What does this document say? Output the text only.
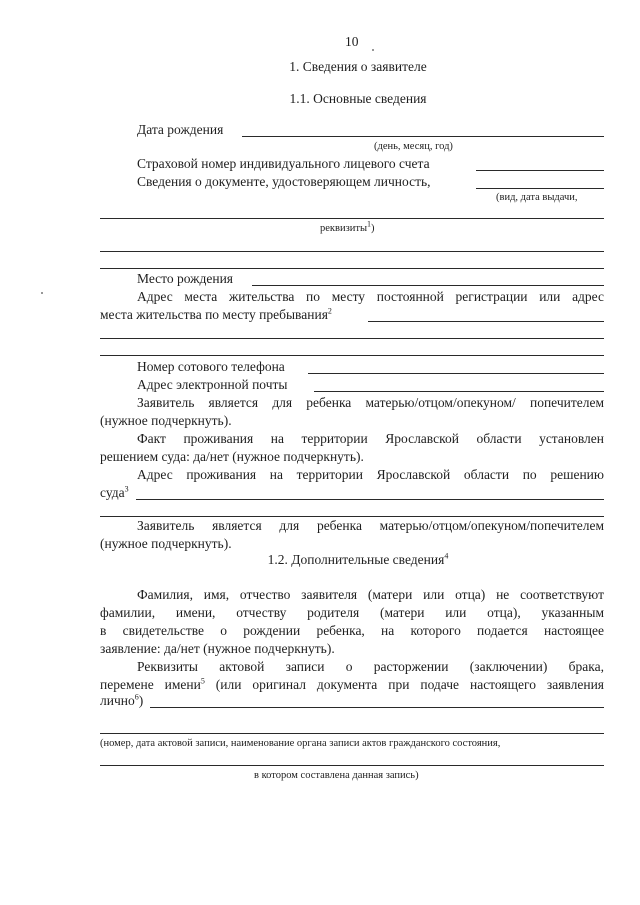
10
1. Сведения о заявителе
1.1. Основные сведения
Дата рождения
(день, месяц, год)
Страховой номер индивидуального лицевого счета
Сведения о документе, удостоверяющем личность,
(вид, дата выдачи,
реквизиты$^1$)
Место рождения
Адрес места жительства по месту постоянной регистрации или адрес
места жительства по месту пребывания$^2$
Номер сотового телефона
Адрес электронной почты
Заявитель является для ребенка матерью/отцом/опекуном/ попечителем
(нужное подчеркнуть).
Факт проживания на территории Ярославской области установлен
решением суда: да/нет (нужное подчеркнуть).
Адрес проживания на территории Ярославской области по решению
суда$^3$
Заявитель является для ребенка матерью/отцом/опекуном/попечителем
(нужное подчеркнуть).
1.2. Дополнительные сведения$^4$
Фамилия, имя, отчество заявителя (матери или отца) не соответствуют
фамилии, имени, отчеству родителя (матери или отца), указанным
в свидетельстве о рождении ребенка, на которого подается настоящее
заявление: да/нет (нужное подчеркнуть).
Реквизиты актовой записи о расторжении (заключении) брака,
перемене имени$^5$ (или оригинал документа при подаче настоящего заявления
лично$^6$)
(номер, дата актовой записи, наименование органа записи актов гражданского состояния,
в котором составлена данная запись)
